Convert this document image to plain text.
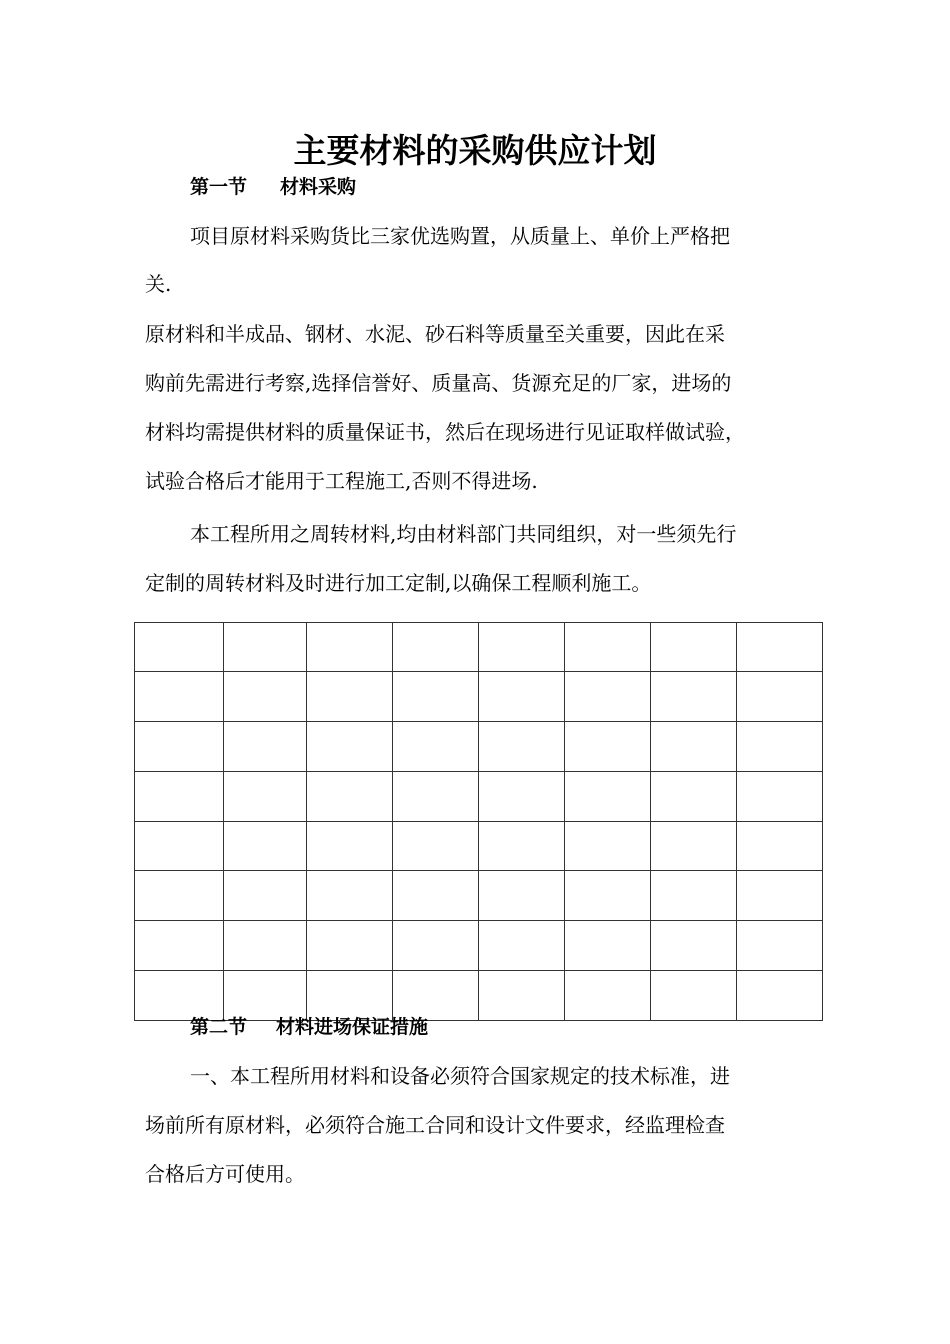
主要材料的采购供应计划
第一节 材料采购
项目原材料采购货比三家优选购置，从质量上、单价上严格把
关.
原材料和半成品、钢材、水泥、砂石料等质量至关重要，因此在采
购前先需进行考察,选择信誉好、质量高、货源充足的厂家，进场的
材料均需提供材料的质量保证书，然后在现场进行见证取样做试验，
试验合格后才能用于工程施工,否则不得进场.
本工程所用之周转材料,均由材料部门共同组织，对一些须先行
定制的周转材料及时进行加工定制,以确保工程顺利施工。

第二节 材料进场保证措施
一、本工程所用材料和设备必须符合国家规定的技术标准，进
场前所有原材料，必须符合施工合同和设计文件要求，经监理检查
合格后方可使用。
